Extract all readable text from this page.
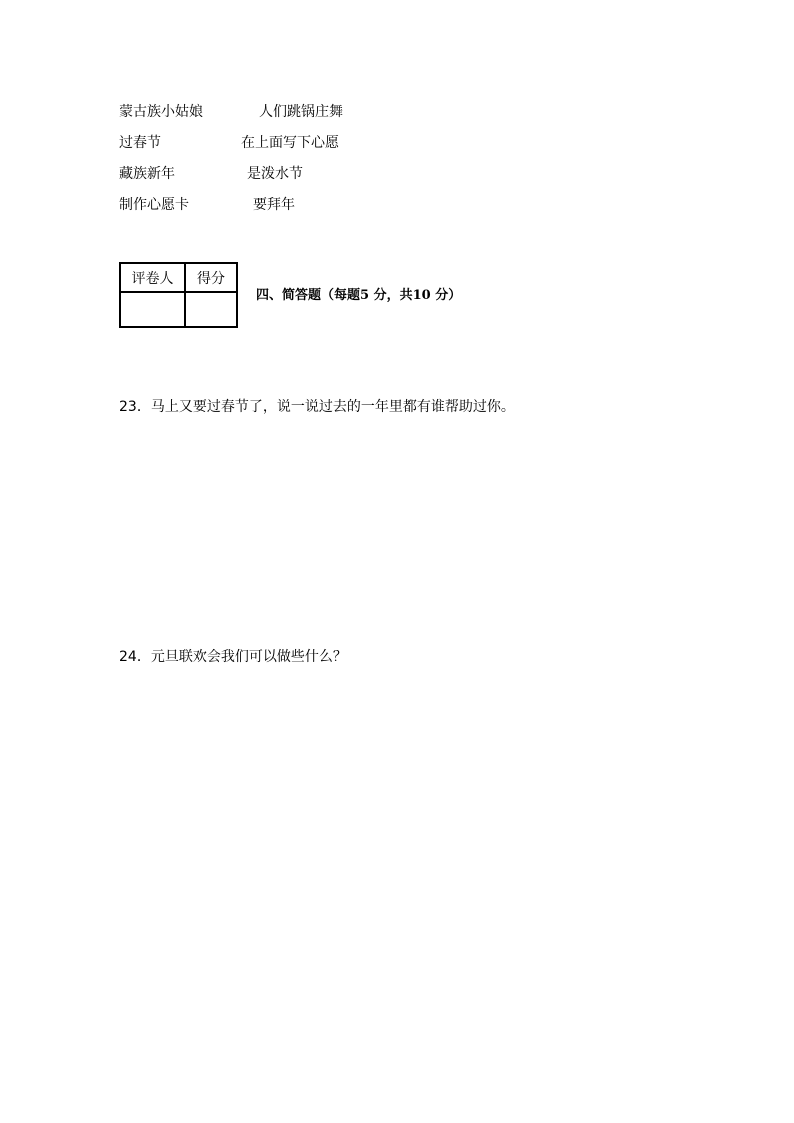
蒙古族小姑娘	人们跳锅庄舞
过春节	在上面写下心愿
藏族新年	是泼水节
制作心愿卡	要拜年
评卷人	得分

四、简答题（每题5 分，共10 分）
23．马上又要过春节了，说一说过去的一年里都有谁帮助过你。
24．元旦联欢会我们可以做些什么？
